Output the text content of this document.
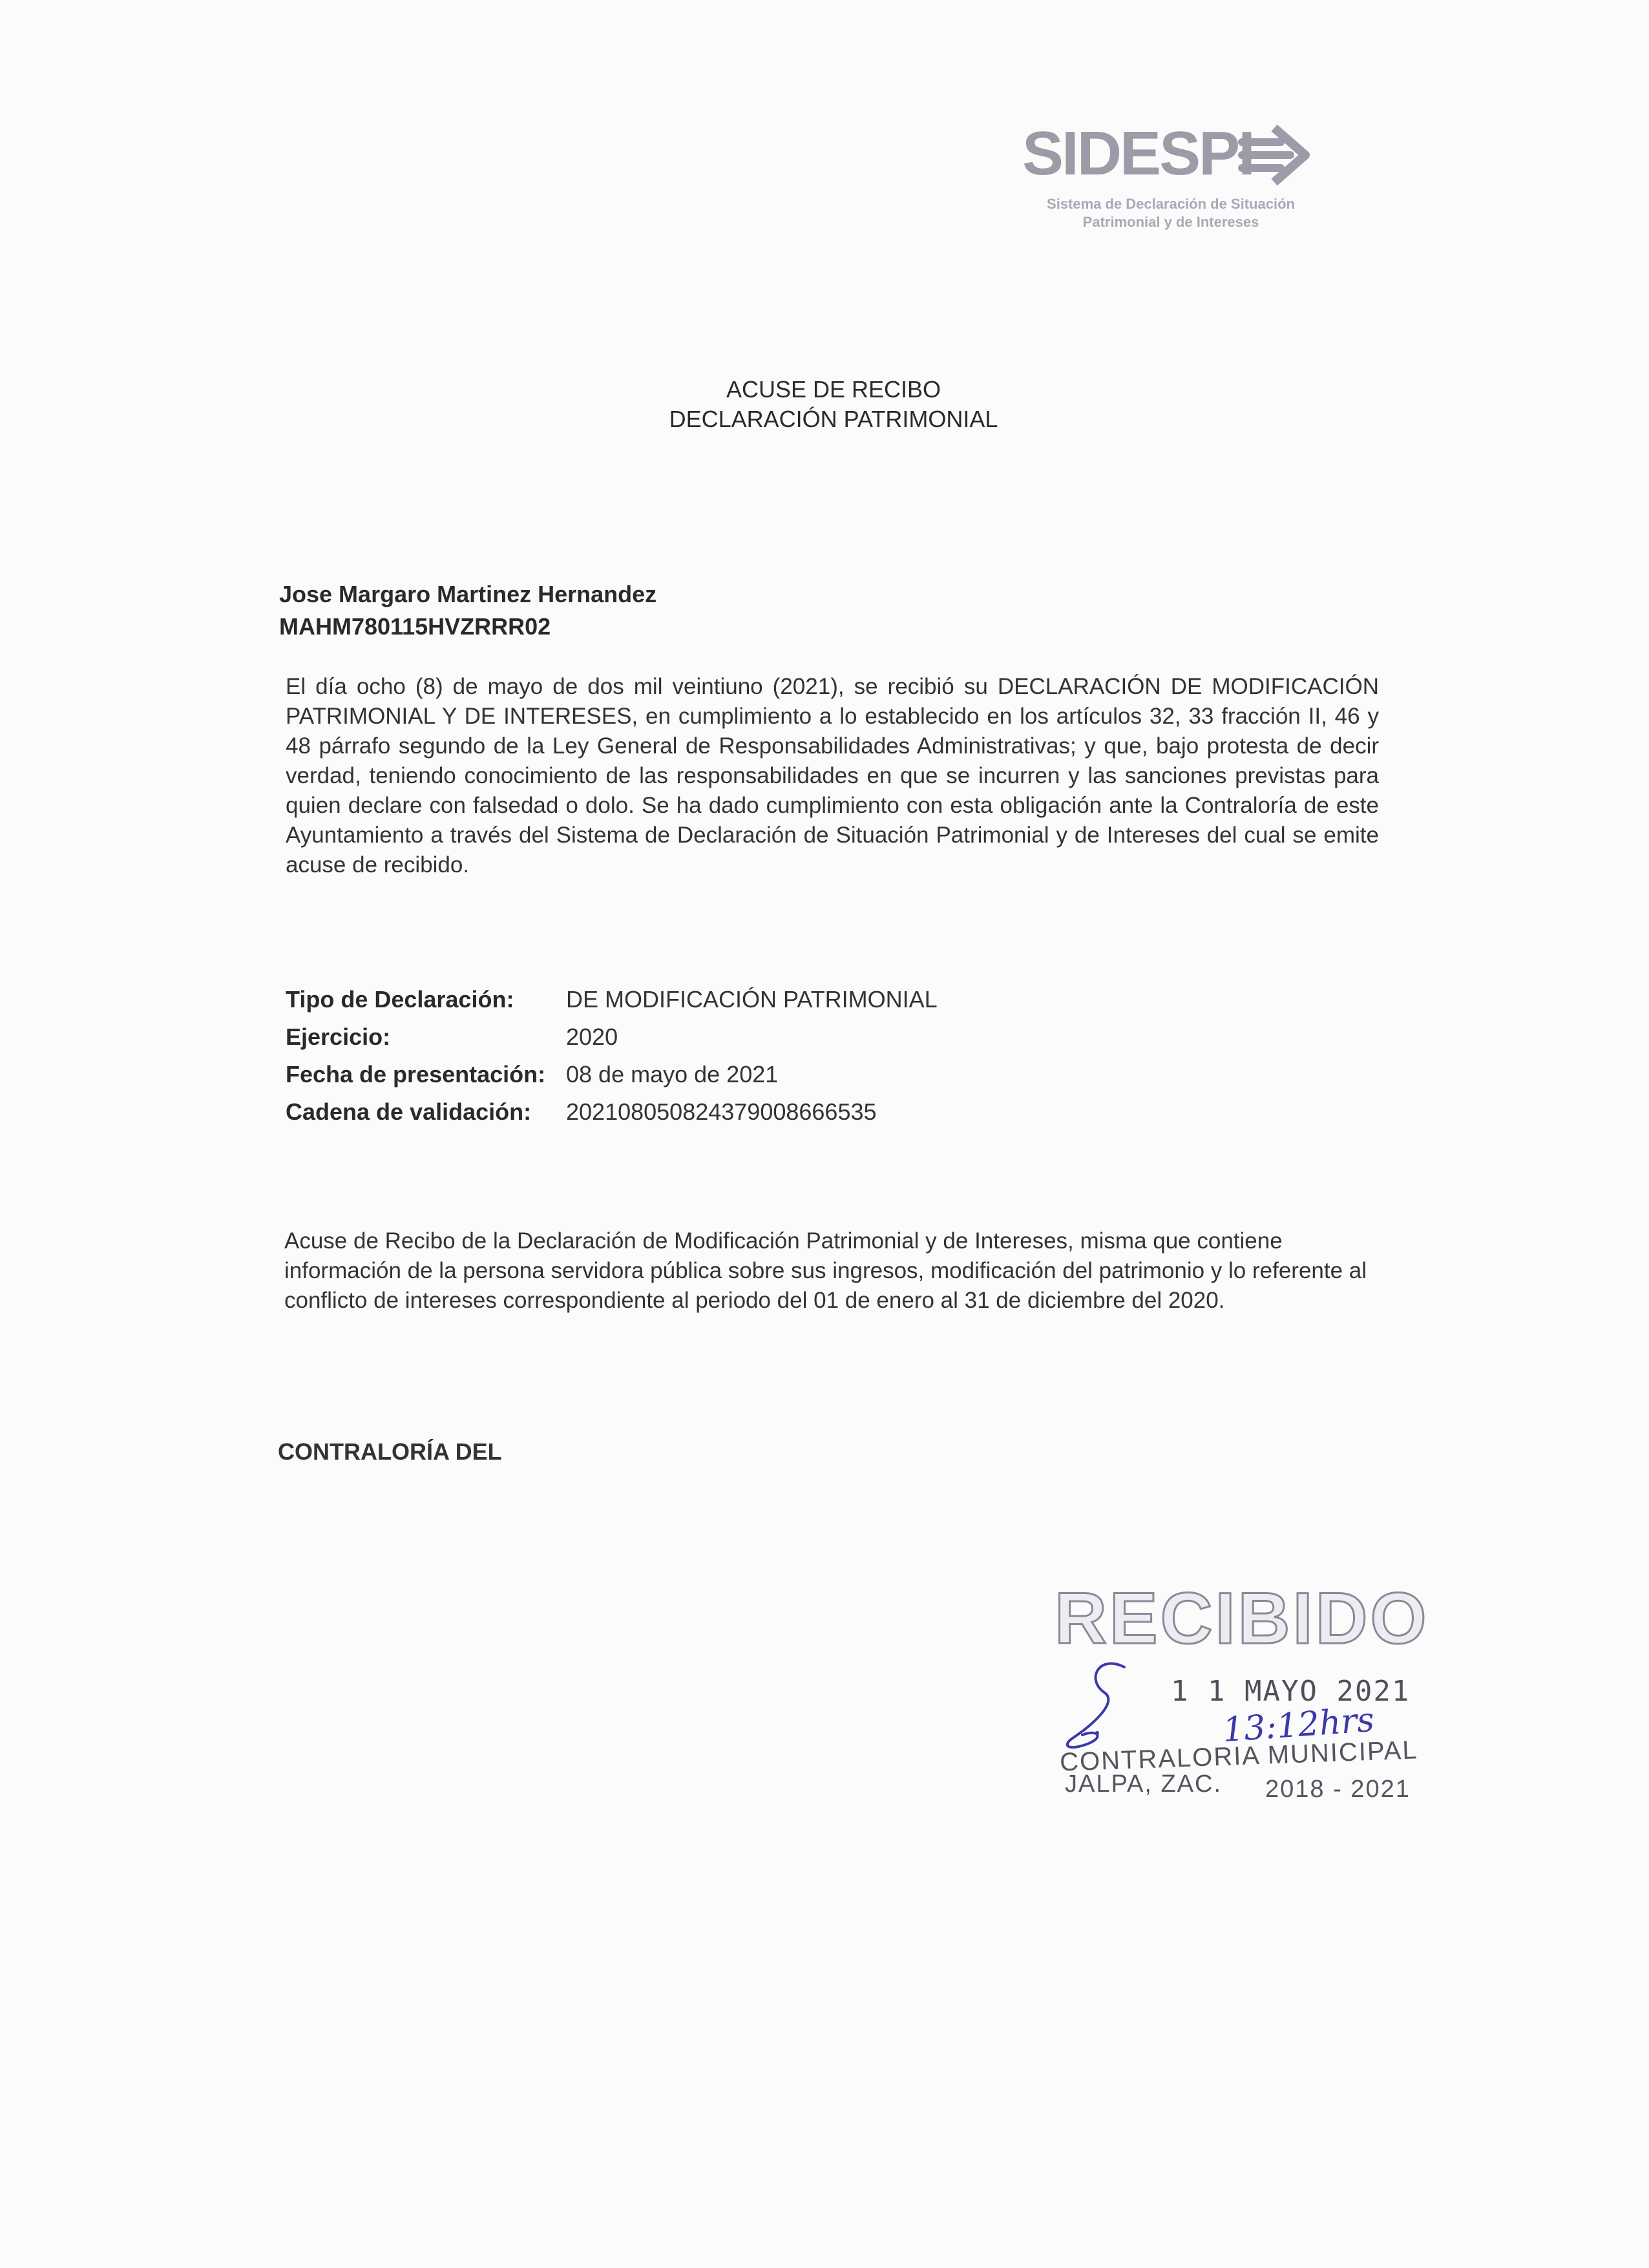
SIDESPI
Sistema de Declaración de Situación
Patrimonial y de Intereses
ACUSE DE RECIBO
DECLARACIÓN PATRIMONIAL
Jose Margaro Martinez Hernandez
MAHM780115HVZRRR02
El día ocho (8) de mayo de dos mil veintiuno (2021), se recibió su DECLARACIÓN DE MODIFICACIÓN PATRIMONIAL Y DE INTERESES, en cumplimiento a lo establecido en los artículos 32, 33 fracción II, 46 y 48 párrafo segundo de la Ley General de Responsabilidades Administrativas; y que, bajo protesta de decir verdad, teniendo conocimiento de las responsabilidades en que se incurren y las sanciones previstas para quien declare con falsedad o dolo. Se ha dado cumplimiento con esta obligación ante la Contraloría de este Ayuntamiento a través del Sistema de Declaración de Situación Patrimonial y de Intereses del cual se emite acuse de recibido.
Tipo de Declaración: DE MODIFICACIÓN PATRIMONIAL
Ejercicio:	2020
Fecha de presentación: 08 de mayo de 2021
Cadena de validación: 20210805082437900866653​5
Acuse de Recibo de la Declaración de Modificación Patrimonial y de Intereses, misma que contiene información de la persona servidora pública sobre sus ingresos, modificación del patrimonio y lo referente al conflicto de intereses correspondiente al periodo del 01 de enero al 31 de diciembre del 2020.
CONTRALORÍA DEL
RECIBIDO
1 1 MAYO 2021
13:12hrs
CONTRALORIA MUNICIPAL
JALPA, ZAC. 2018 - 2021
